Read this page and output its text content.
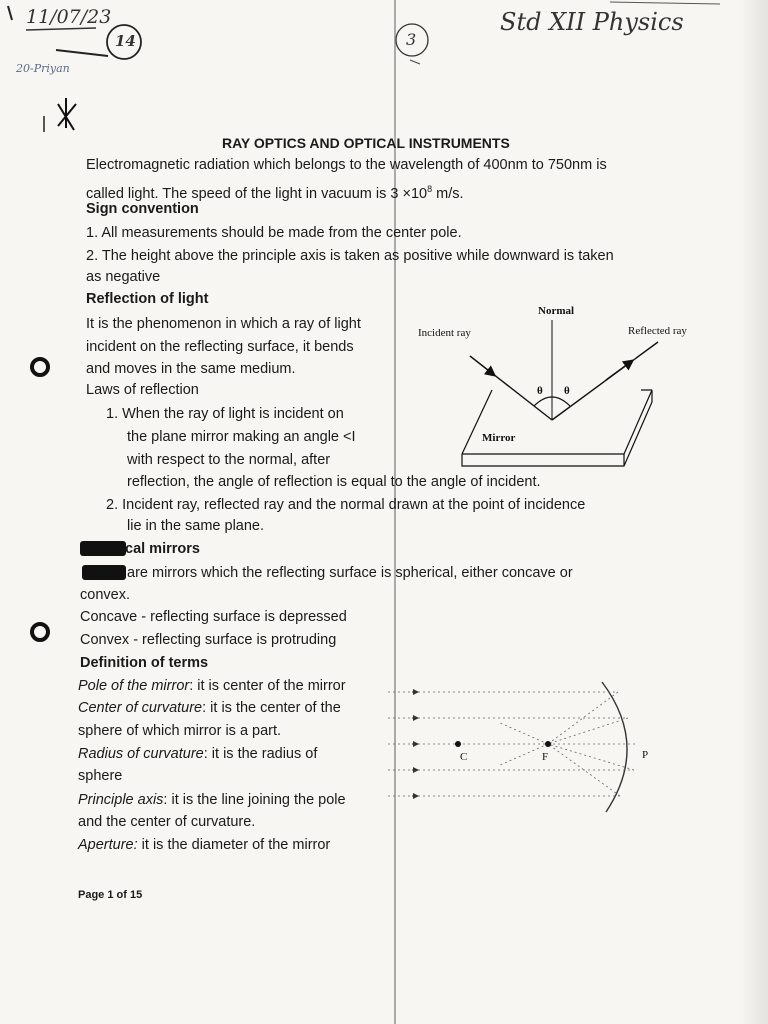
11/07/23
14	3
Std XII Physics
20-Priyan
RAY OPTICS AND OPTICAL INSTRUMENTS
Electromagnetic radiation which belongs to the wavelength of 400nm to 750nm is
called light. The speed of the light in vacuum is $3 \times 10^8$ m/s.
Sign convention
1. All measurements should be made from the center pole.
2. The height above the principle axis is taken as positive while downward is taken
as negative
Reflection of light
It is the phenomenon in which a ray of light
incident on the reflecting surface, it bends
and moves in the same medium.
Laws of reflection
1. When the ray of light is incident on
the plane mirror making an angle <I
with respect to the normal, after
reflection, the angle of reflection is equal to the angle of incident.
2. Incident ray, reflected ray and the normal drawn at the point of incidence
lie in the same plane.
Normal
Incident ray	Reflected ray
θ θ
Mirror
cal mirrors
are mirrors which the reflecting surface is spherical, either concave or
convex.
Concave - reflecting surface is depressed
Convex - reflecting surface is protruding
Definition of terms
Pole of the mirror: it is center of the mirror
Center of curvature: it is the center of the
sphere of which mirror is a part.
Radius of curvature: it is the radius of
sphere
Principle axis: it is the line joining the pole
and the center of curvature.
Aperture: it is the diameter of the mirror
C	F	P
Page 1 of 15
